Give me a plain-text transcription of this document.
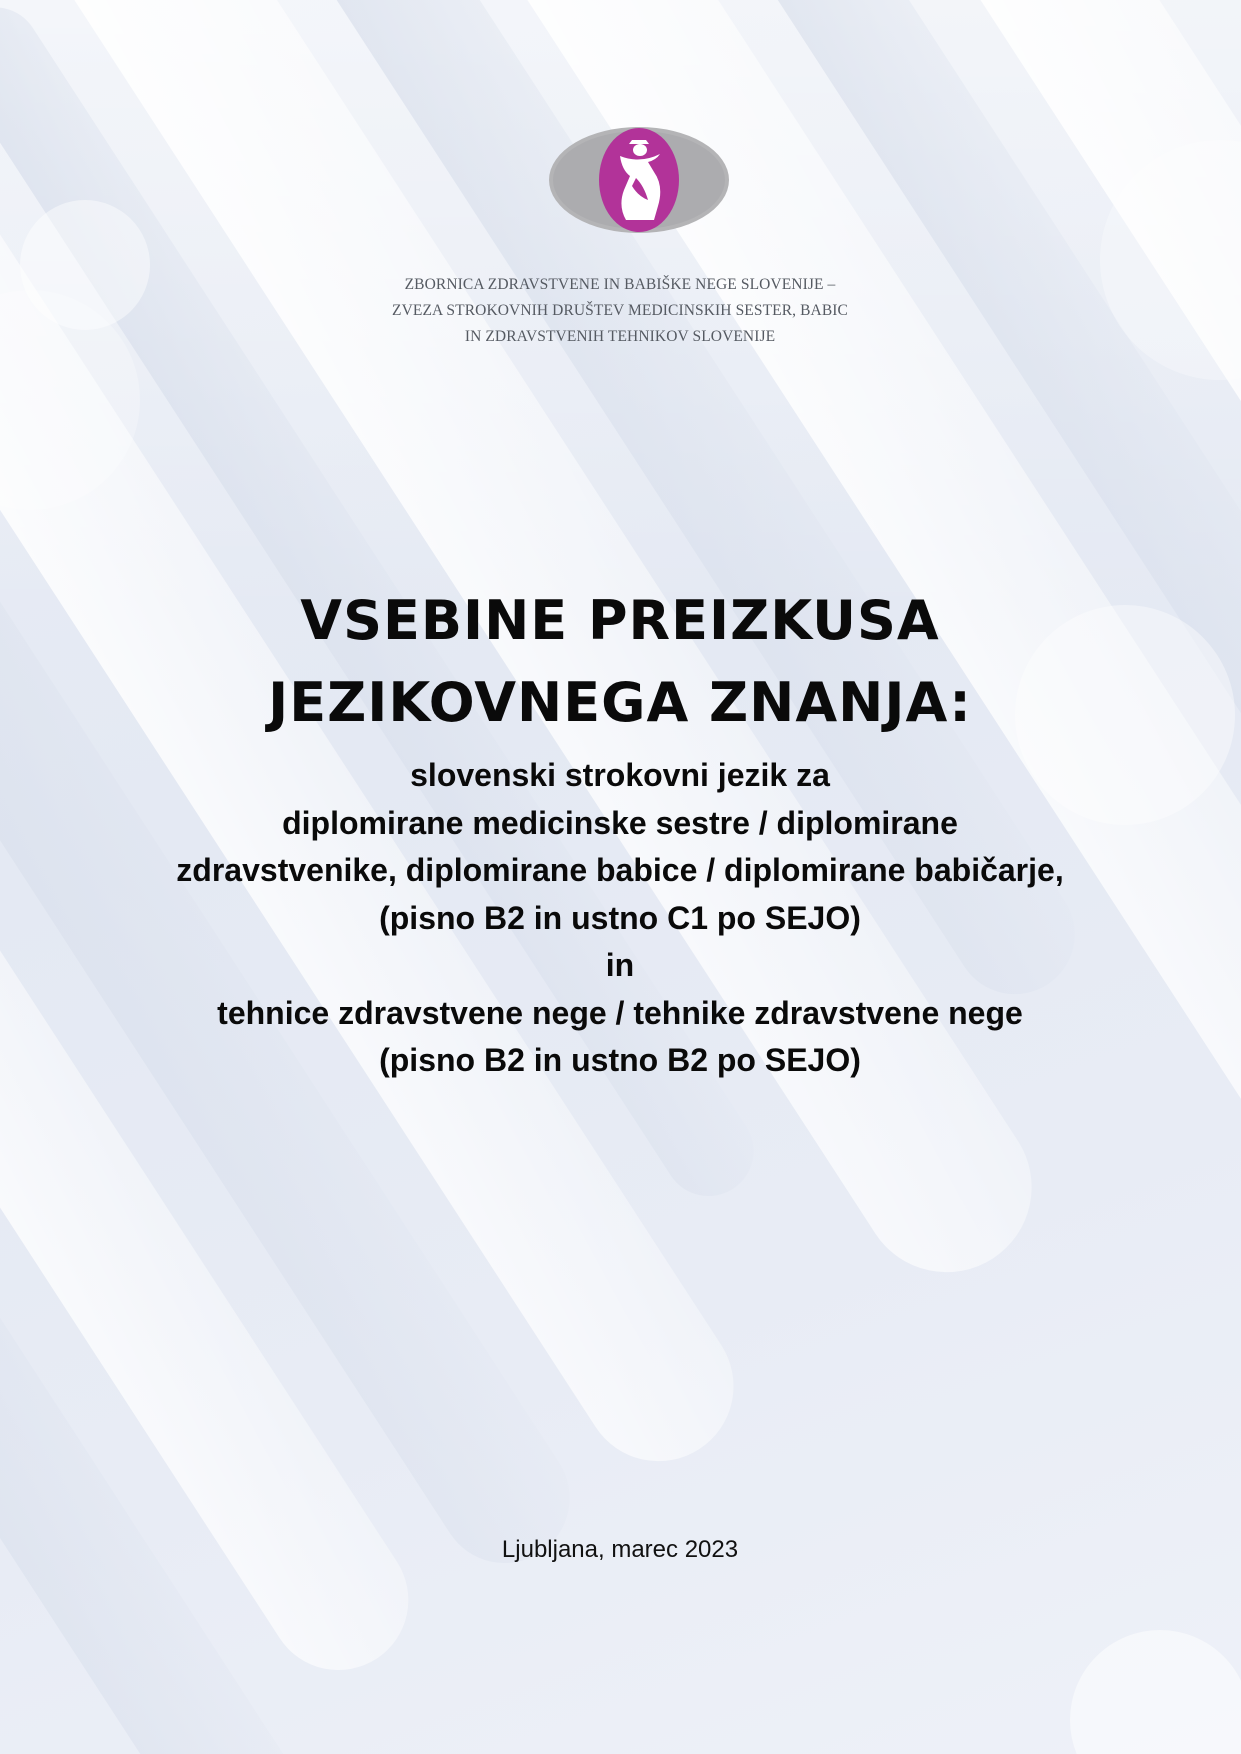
ZBORNICA ZDRAVSTVENE IN BABIŠKE NEGE SLOVENIJE –
ZVEZA STROKOVNIH DRUŠTEV MEDICINSKIH SESTER, BABIC
IN ZDRAVSTVENIH TEHNIKOV SLOVENIJE
VSEBINE PREIZKUSA
JEZIKOVNEGA ZNANJA:
slovenski strokovni jezik za
diplomirane medicinske sestre / diplomirane
zdravstvenike, diplomirane babice / diplomirane babičarje,
(pisno B2 in ustno C1 po SEJO)
in
tehnice zdravstvene nege / tehnike zdravstvene nege
(pisno B2 in ustno B2 po SEJO)
Ljubljana, marec 2023
